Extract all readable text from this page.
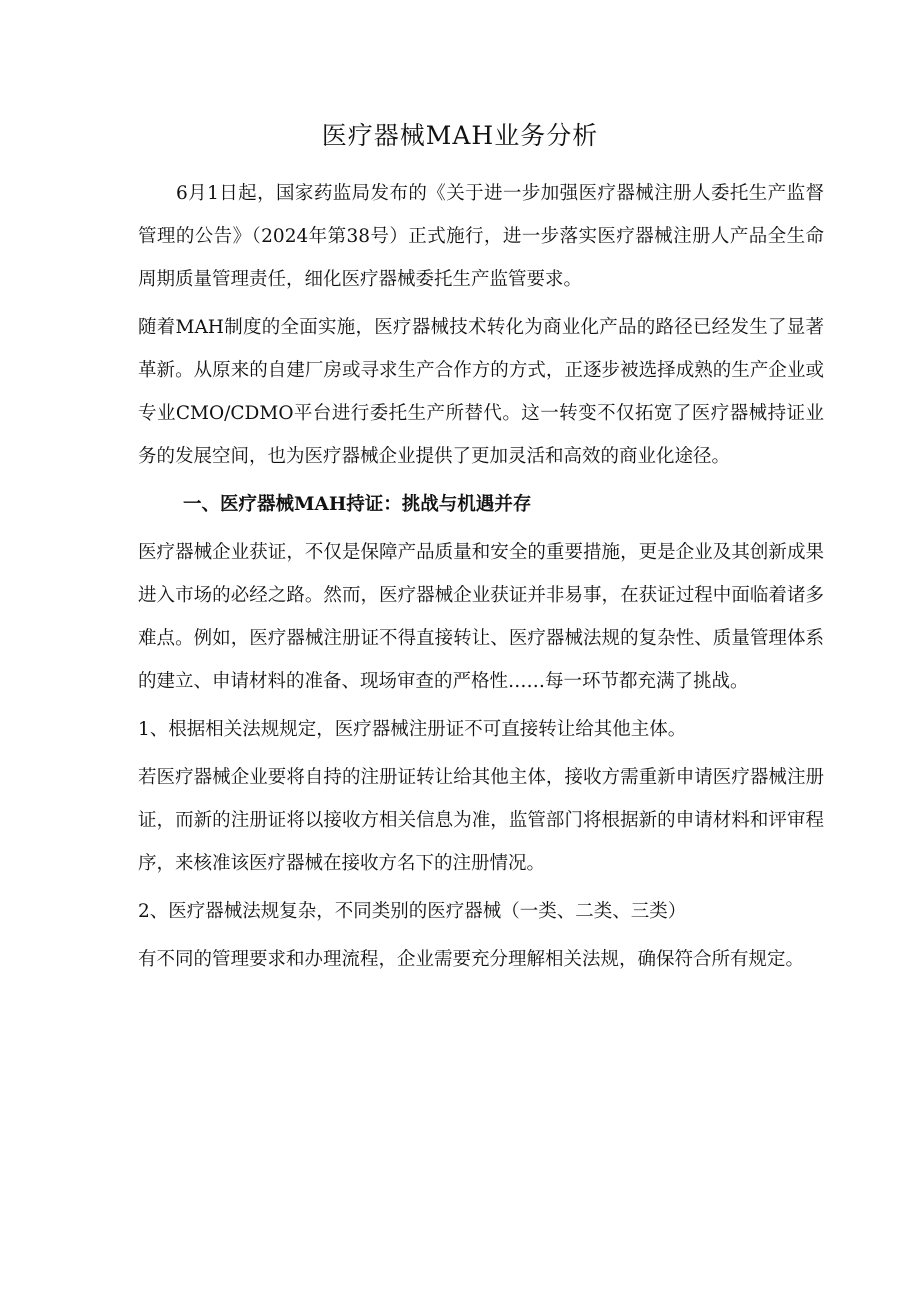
医疗器械MAH业务分析

6月1日起，国家药监局发布的《关于进一步加强医疗器械注册人委托生产监督管理的公告》（2024年第38号）正式施行，进一步落实医疗器械注册人产品全生命周期质量管理责任，细化医疗器械委托生产监管要求。

随着MAH制度的全面实施，医疗器械技术转化为商业化产品的路径已经发生了显著革新。从原来的自建厂房或寻求生产合作方的方式，正逐步被选择成熟的生产企业或专业CMO/CDMO平台进行委托生产所替代。这一转变不仅拓宽了医疗器械持证业务的发展空间，也为医疗器械企业提供了更加灵活和高效的商业化途径。

一、医疗器械MAH持证：挑战与机遇并存

医疗器械企业获证，不仅是保障产品质量和安全的重要措施，更是企业及其创新成果进入市场的必经之路。然而，医疗器械企业获证并非易事，在获证过程中面临着诸多难点。例如，医疗器械注册证不得直接转让、医疗器械法规的复杂性、质量管理体系的建立、申请材料的准备、现场审查的严格性……每一环节都充满了挑战。

1、根据相关法规规定，医疗器械注册证不可直接转让给其他主体。

若医疗器械企业要将自持的注册证转让给其他主体，接收方需重新申请医疗器械注册证，而新的注册证将以接收方相关信息为准，监管部门将根据新的申请材料和评审程序，来核准该医疗器械在接收方名下的注册情况。

2、医疗器械法规复杂，不同类别的医疗器械（一类、二类、三类）

有不同的管理要求和办理流程，企业需要充分理解相关法规，确保符合所有规定。
